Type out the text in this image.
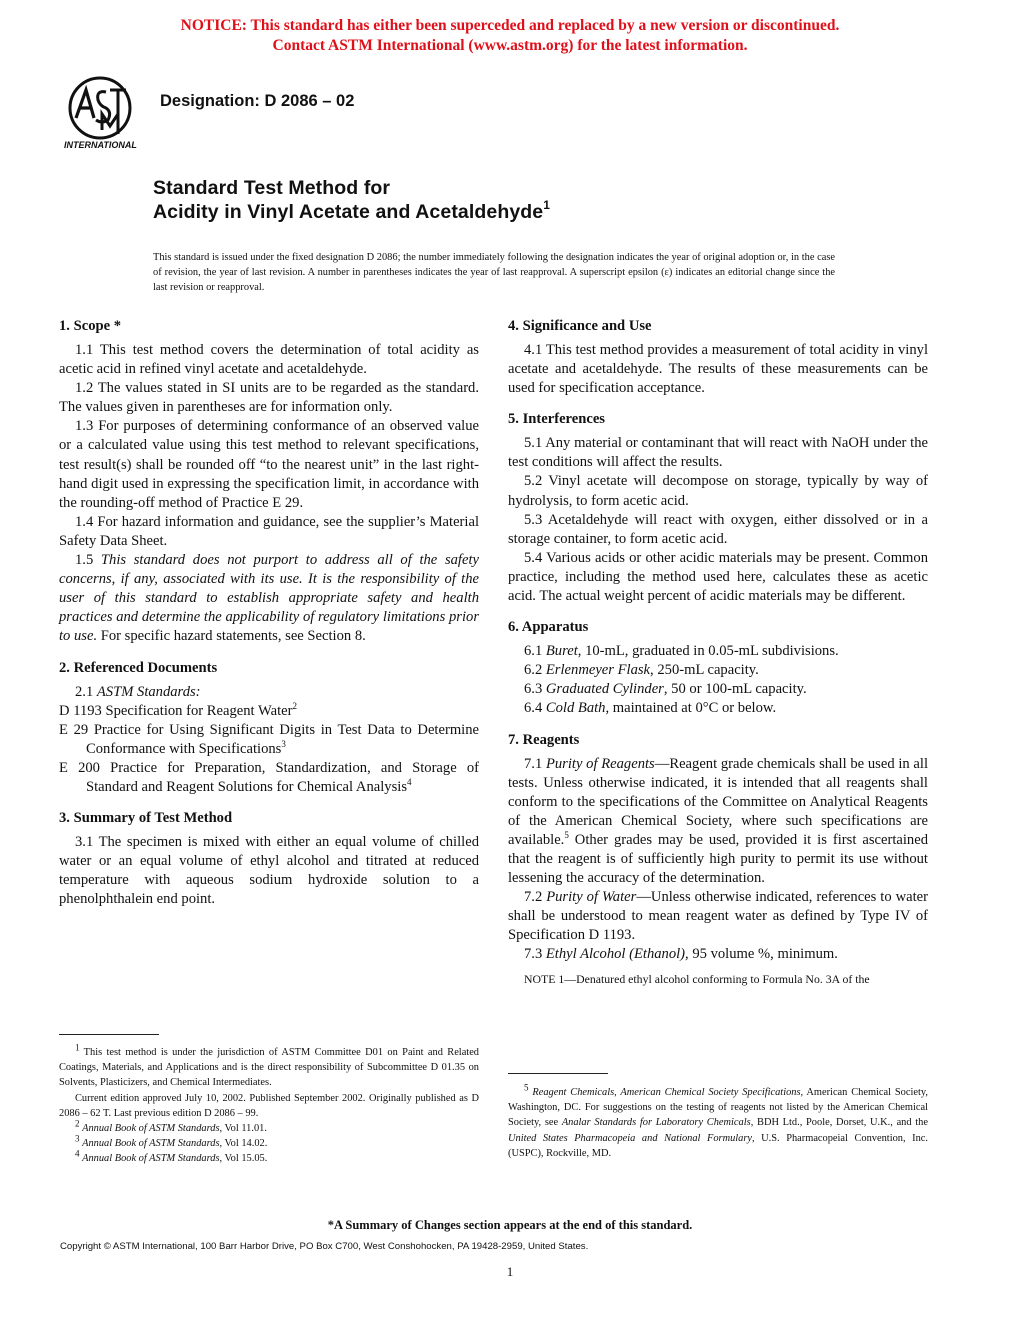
NOTICE: This standard has either been superceded and replaced by a new version or discontinued.
Contact ASTM International (www.astm.org) for the latest information.
INTERNATIONAL
Designation: D 2086 – 02
Standard Test Method for
Acidity in Vinyl Acetate and Acetaldehyde$^1$
This standard is issued under the fixed designation D 2086; the number immediately following the designation indicates the year of original adoption or, in the case of revision, the year of last revision. A number in parentheses indicates the year of last reapproval. A superscript epsilon (ε) indicates an editorial change since the last revision or reapproval.
1. Scope *

1.1 This test method covers the determination of total acidity as acetic acid in refined vinyl acetate and acetaldehyde.

1.2 The values stated in SI units are to be regarded as the standard. The values given in parentheses are for information only.

1.3 For purposes of determining conformance of an observed value or a calculated value using this test method to relevant specifications, test result(s) shall be rounded off “to the nearest unit” in the last right-hand digit used in expressing the specification limit, in accordance with the rounding-off method of Practice E 29.

1.4 For hazard information and guidance, see the supplier’s Material Safety Data Sheet.

1.5 This standard does not purport to address all of the safety concerns, if any, associated with its use. It is the responsibility of the user of this standard to establish appropriate safety and health practices and determine the applicability of regulatory limitations prior to use. For specific hazard statements, see Section 8.

2. Referenced Documents

2.1 ASTM Standards:

D 1193 Specification for Reagent Water$^2$

E 29 Practice for Using Significant Digits in Test Data to Determine Conformance with Specifications$^3$

E 200 Practice for Preparation, Standardization, and Storage of Standard and Reagent Solutions for Chemical Analysis$^4$

3. Summary of Test Method

3.1 The specimen is mixed with either an equal volume of chilled water or an equal volume of ethyl alcohol and titrated at reduced temperature with aqueous sodium hydroxide solution to a phenolphthalein end point.

$^1$ This test method is under the jurisdiction of ASTM Committee D01 on Paint and Related Coatings, Materials, and Applications and is the direct responsibility of Subcommittee D 01.35 on Solvents, Plasticizers, and Chemical Intermediates.

Current edition approved July 10, 2002. Published September 2002. Originally published as D 2086 – 62 T. Last previous edition D 2086 – 99.

$^2$ Annual Book of ASTM Standards, Vol 11.01.

$^3$ Annual Book of ASTM Standards, Vol 14.02.

$^4$ Annual Book of ASTM Standards, Vol 15.05.

4. Significance and Use

4.1 This test method provides a measurement of total acidity in vinyl acetate and acetaldehyde. The results of these measurements can be used for specification acceptance.

5. Interferences

5.1 Any material or contaminant that will react with NaOH under the test conditions will affect the results.

5.2 Vinyl acetate will decompose on storage, typically by way of hydrolysis, to form acetic acid.

5.3 Acetaldehyde will react with oxygen, either dissolved or in a storage container, to form acetic acid.

5.4 Various acids or other acidic materials may be present. Common practice, including the method used here, calculates these as acetic acid. The actual weight percent of acidic materials may be different.

6. Apparatus

6.1 Buret, 10-mL, graduated in 0.05-mL subdivisions.

6.2 Erlenmeyer Flask, 250-mL capacity.

6.3 Graduated Cylinder, 50 or 100-mL capacity.

6.4 Cold Bath, maintained at 0°C or below.

7. Reagents

7.1 Purity of Reagents—Reagent grade chemicals shall be used in all tests. Unless otherwise indicated, it is intended that all reagents shall conform to the specifications of the Committee on Analytical Reagents of the American Chemical Society, where such specifications are available.$^5$ Other grades may be used, provided it is first ascertained that the reagent is of sufficiently high purity to permit its use without lessening the accuracy of the determination.

7.2 Purity of Water—Unless otherwise indicated, references to water shall be understood to mean reagent water as defined by Type IV of Specification D 1193.

7.3 Ethyl Alcohol (Ethanol), 95 volume %, minimum.

NOTE 1—Denatured ethyl alcohol conforming to Formula No. 3A of the

$^5$ Reagent Chemicals, American Chemical Society Specifications, American Chemical Society, Washington, DC. For suggestions on the testing of reagents not listed by the American Chemical Society, see Analar Standards for Laboratory Chemicals, BDH Ltd., Poole, Dorset, U.K., and the United States Pharmacopeia and National Formulary, U.S. Pharmacopeial Convention, Inc. (USPC), Rockville, MD.

*A Summary of Changes section appears at the end of this standard.
Copyright © ASTM International, 100 Barr Harbor Drive, PO Box C700, West Conshohocken, PA 19428-2959, United States.
1
